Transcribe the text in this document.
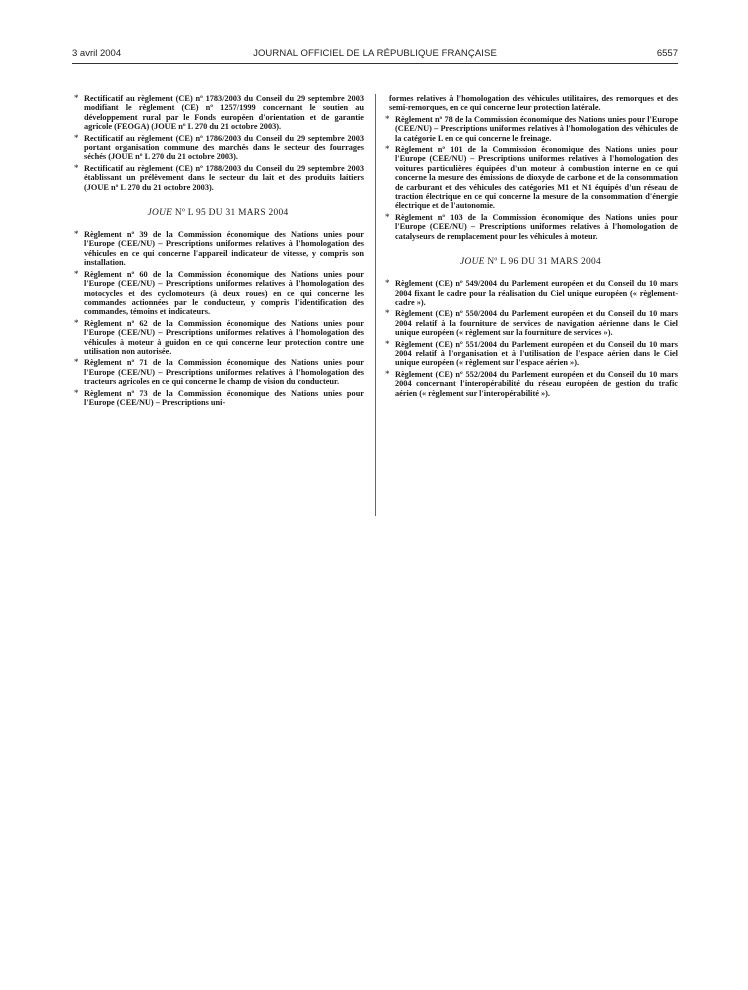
3 avril 2004	JOURNAL OFFICIEL DE LA RÉPUBLIQUE FRANÇAISE	6557
* Rectificatif au règlement (CE) nº 1783/2003 du Conseil du 29 septembre 2003 modifiant le règlement (CE) nº 1257/1999 concernant le soutien au développement rural par le Fonds européen d'orientation et de garantie agricole (FEOGA) (JOUE nº L 270 du 21 octobre 2003).
* Rectificatif au règlement (CE) nº 1786/2003 du Conseil du 29 septembre 2003 portant organisation commune des marchés dans le secteur des fourrages séchés (JOUE nº L 270 du 21 octobre 2003).
* Rectificatif au règlement (CE) nº 1788/2003 du Conseil du 29 septembre 2003 établissant un prélèvement dans le secteur du lait et des produits laitiers (JOUE nº L 270 du 21 octobre 2003).
JOUE Nº L 95 DU 31 MARS 2004
* Règlement nº 39 de la Commission économique des Nations unies pour l'Europe (CEE/NU) – Prescriptions uniformes relatives à l'homologation des véhicules en ce qui concerne l'appareil indicateur de vitesse, y compris son installation.
* Règlement nº 60 de la Commission économique des Nations unies pour l'Europe (CEE/NU) – Prescriptions uniformes relatives à l'homologation des motocycles et des cyclomoteurs (à deux roues) en ce qui concerne les commandes actionnées par le conducteur, y compris l'identification des commandes, témoins et indicateurs.
* Règlement nº 62 de la Commission économique des Nations unies pour l'Europe (CEE/NU) – Prescriptions uniformes relatives à l'homologation des véhicules à moteur à guidon en ce qui concerne leur protection contre une utilisation non autorisée.
* Règlement nº 71 de la Commission économique des Nations unies pour l'Europe (CEE/NU) – Prescriptions uniformes relatives à l'homologation des tracteurs agricoles en ce qui concerne le champ de vision du conducteur.
* Règlement nº 73 de la Commission économique des Nations unies pour l'Europe (CEE/NU) – Prescriptions uni-
formes relatives à l'homologation des véhicules utilitaires, des remorques et des semi-remorques, en ce qui concerne leur protection latérale.
* Règlement nº 78 de la Commission économique des Nations unies pour l'Europe (CEE/NU) – Prescriptions uniformes relatives à l'homologation des véhicules de la catégorie L en ce qui concerne le freinage.
* Règlement nº 101 de la Commission économique des Nations unies pour l'Europe (CEE/NU) – Prescriptions uniformes relatives à l'homologation des voitures particulières équipées d'un moteur à combustion interne en ce qui concerne la mesure des émissions de dioxyde de carbone et de la consommation de carburant et des véhicules des catégories M1 et N1 équipés d'un réseau de traction électrique en ce qui concerne la mesure de la consommation d'énergie électrique et de l'autonomie.
* Règlement nº 103 de la Commission économique des Nations unies pour l'Europe (CEE/NU) – Prescriptions uniformes relatives à l'homologation de catalyseurs de remplacement pour les véhicules à moteur.
JOUE Nº L 96 DU 31 MARS 2004
* Règlement (CE) nº 549/2004 du Parlement européen et du Conseil du 10 mars 2004 fixant le cadre pour la réalisation du Ciel unique européen (« règlement-cadre »).
* Règlement (CE) nº 550/2004 du Parlement européen et du Conseil du 10 mars 2004 relatif à la fourniture de services de navigation aérienne dans le Ciel unique européen (« règlement sur la fourniture de services »).
* Règlement (CE) nº 551/2004 du Parlement européen et du Conseil du 10 mars 2004 relatif à l'organisation et à l'utilisation de l'espace aérien dans le Ciel unique européen (« règlement sur l'espace aérien »).
* Règlement (CE) nº 552/2004 du Parlement européen et du Conseil du 10 mars 2004 concernant l'interopérabilité du réseau européen de gestion du trafic aérien (« règlement sur l'interopérabilité »).
